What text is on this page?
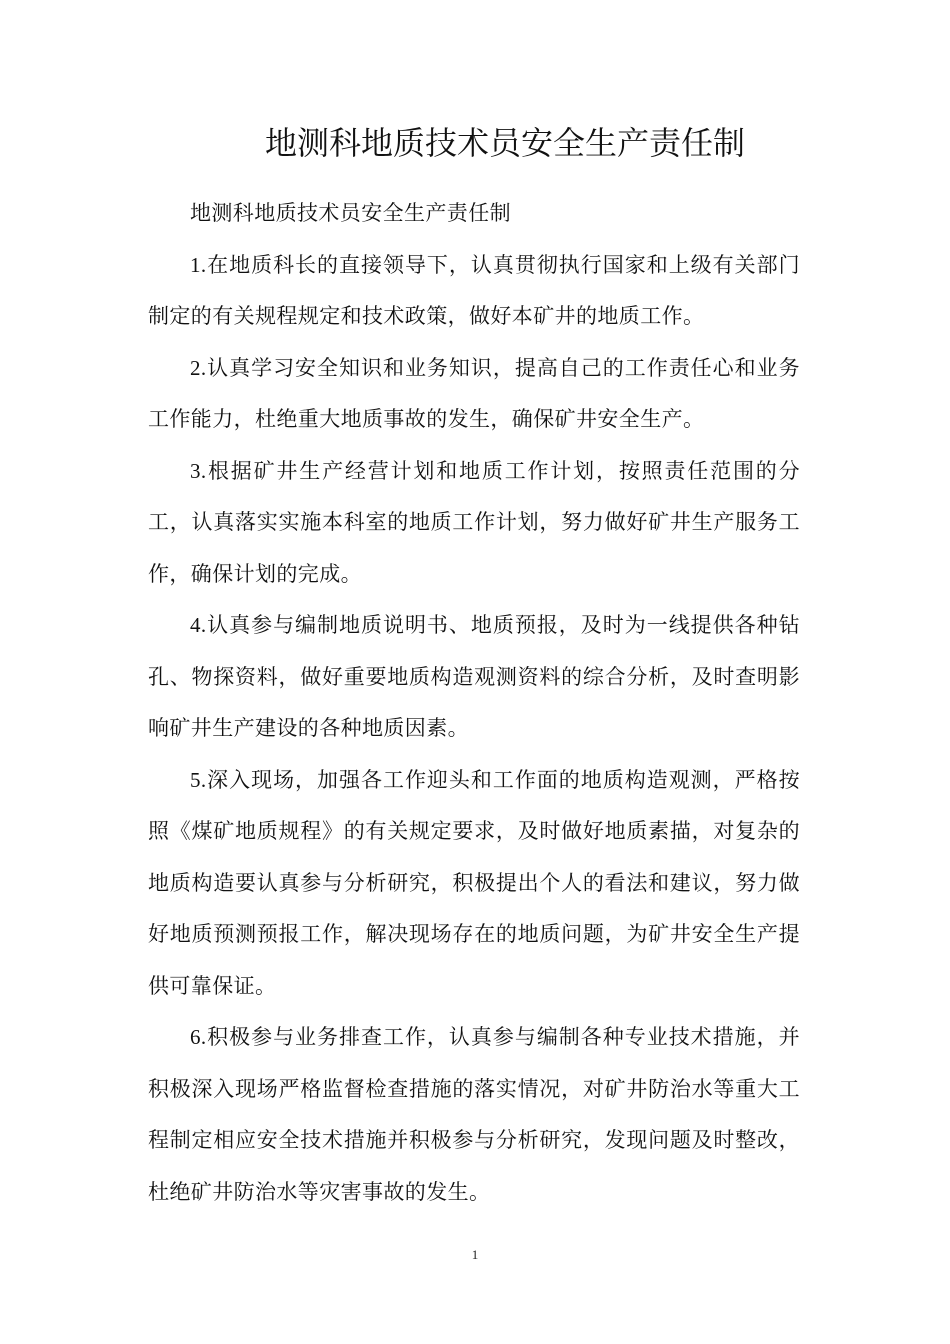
地测科地质技术员安全生产责任制

地测科地质技术员安全生产责任制

1.在地质科长的直接领导下，认真贯彻执行国家和上级有关部门制定的有关规程规定和技术政策，做好本矿井的地质工作。

2.认真学习安全知识和业务知识，提高自己的工作责任心和业务工作能力，杜绝重大地质事故的发生，确保矿井安全生产。

3.根据矿井生产经营计划和地质工作计划，按照责任范围的分工，认真落实实施本科室的地质工作计划，努力做好矿井生产服务工作，确保计划的完成。

4.认真参与编制地质说明书、地质预报，及时为一线提供各种钻孔、物探资料，做好重要地质构造观测资料的综合分析，及时查明影响矿井生产建设的各种地质因素。

5.深入现场，加强各工作迎头和工作面的地质构造观测，严格按照《煤矿地质规程》的有关规定要求，及时做好地质素描，对复杂的地质构造要认真参与分析研究，积极提出个人的看法和建议，努力做好地质预测预报工作，解决现场存在的地质问题，为矿井安全生产提供可靠保证。

6.积极参与业务排查工作，认真参与编制各种专业技术措施，并积极深入现场严格监督检查措施的落实情况，对矿井防治水等重大工程制定相应安全技术措施并积极参与分析研究，发现问题及时整改，杜绝矿井防治水等灾害事故的发生。

1
